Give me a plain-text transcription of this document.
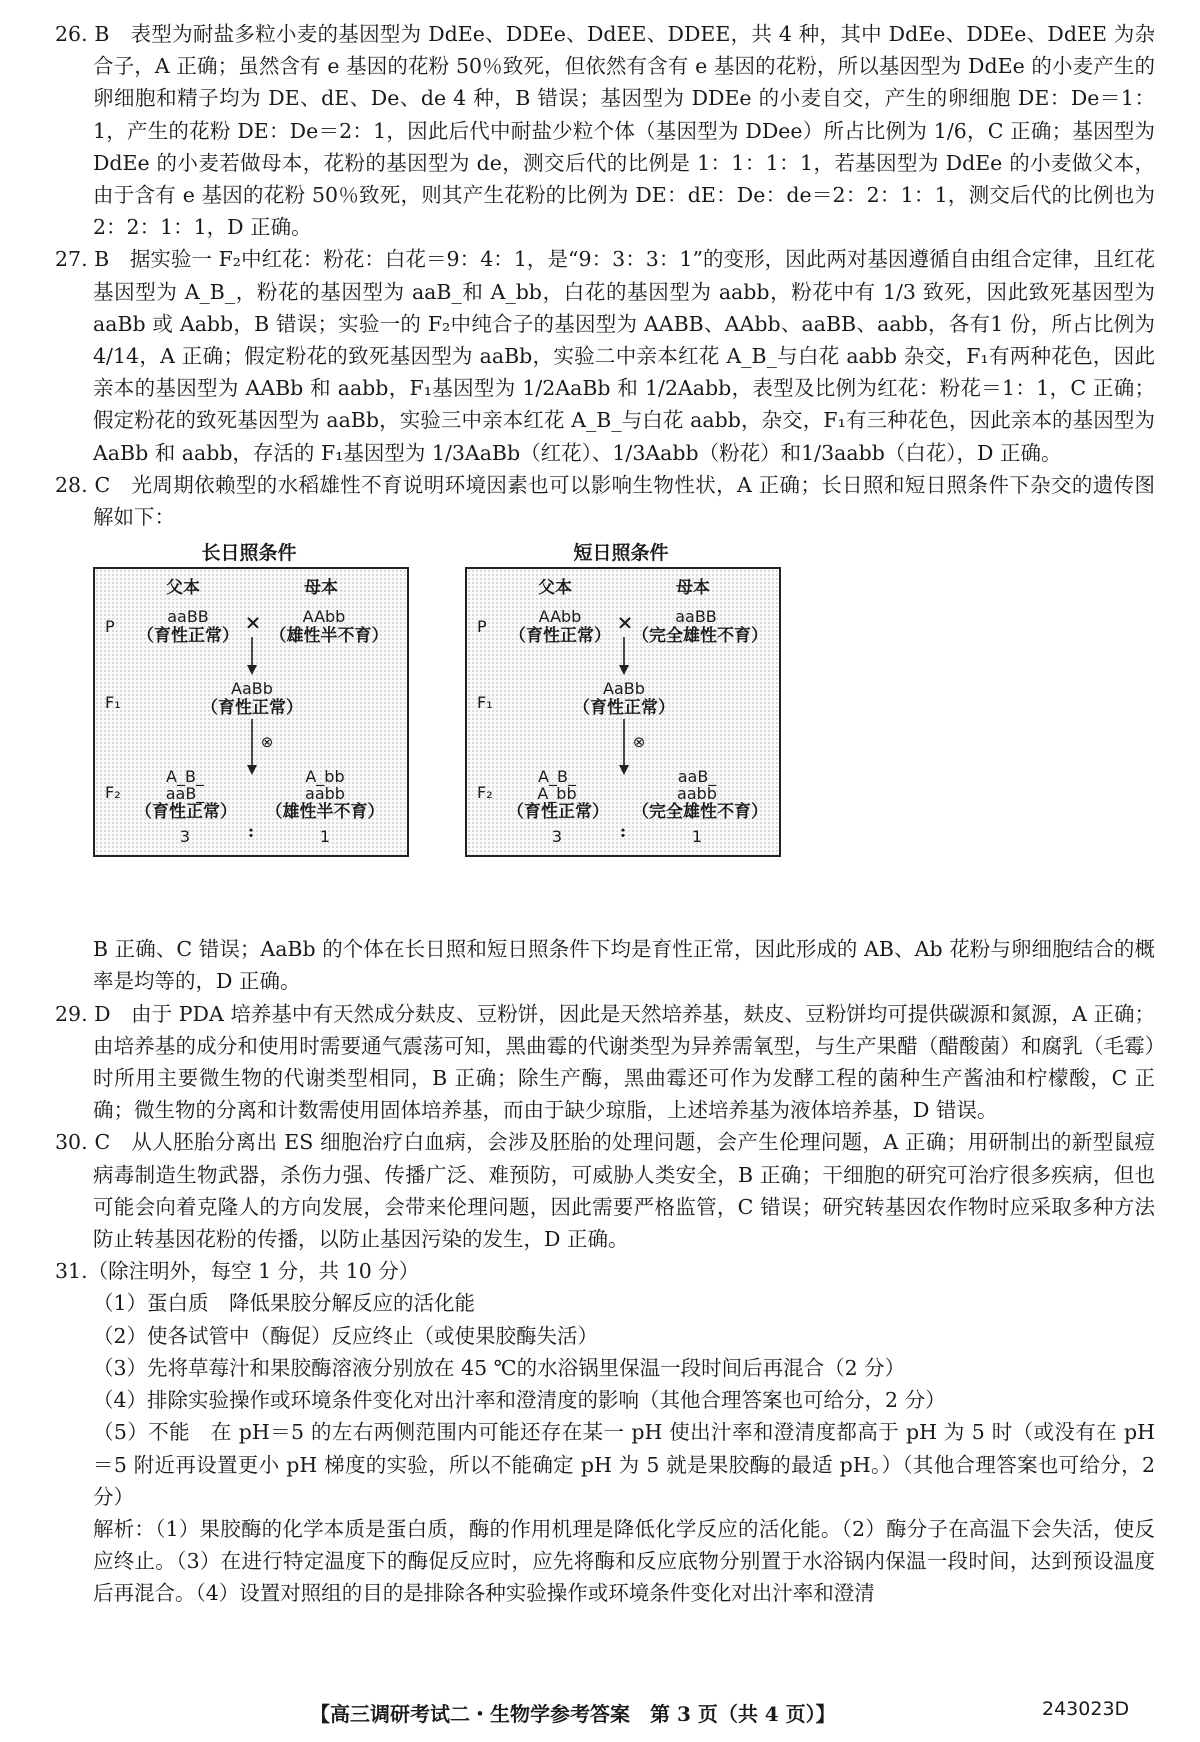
26. B　表型为耐盐多粒小麦的基因型为 DdEe、DDEe、DdEE、DDEE，共 4 种，其中 DdEe、DDEe、DdEE 为杂合子，A 正确；虽然含有 e 基因的花粉 50％致死，但依然有含有 e 基因的花粉，所以基因型为 DdEe 的小麦产生的卵细胞和精子均为 DE、dE、De、de 4 种，B 错误；基因型为 DDEe 的小麦自交，产生的卵细胞 DE：De＝1：1，产生的花粉 DE：De＝2：1，因此后代中耐盐少粒个体（基因型为 DDee）所占比例为 1/6，C 正确；基因型为 DdEe 的小麦若做母本，花粉的基因型为 de，测交后代的比例是 1：1：1：1，若基因型为 DdEe 的小麦做父本，由于含有 e 基因的花粉 50％致死，则其产生花粉的比例为 DE：dE：De：de＝2：2：1：1，测交后代的比例也为 2：2：1：1，D 正确。

27. B　据实验一 F₂中红花：粉花：白花＝9：4：1，是“9：3：3：1”的变形，因此两对基因遵循自由组合定律，且红花基因型为 A_B_，粉花的基因型为 aaB_和 A_bb，白花的基因型为 aabb，粉花中有 1/3 致死，因此致死基因型为 aaBb 或 Aabb，B 错误；实验一的 F₂中纯合子的基因型为 AABB、AAbb、aaBB、aabb，各有1 份，所占比例为 4/14，A 正确；假定粉花的致死基因型为 aaBb，实验二中亲本红花 A_B_与白花 aabb 杂交，F₁有两种花色，因此亲本的基因型为 AABb 和 aabb，F₁基因型为 1/2AaBb 和 1/2Aabb，表型及比例为红花：粉花＝1：1，C 正确；假定粉花的致死基因型为 aaBb，实验三中亲本红花 A_B_与白花 aabb，杂交，F₁有三种花色，因此亲本的基因型为 AaBb 和 aabb，存活的 F₁基因型为 1/3AaBb（红花）、1/3Aabb（粉花）和1/3aabb（白花），D 正确。

28. C　光周期依赖型的水稻雄性不育说明环境因素也可以影响生物性状，A 正确；长日照和短日照条件下杂交的遗传图解如下：

长日照条件
父本	母本
P
aaBB
（育性正常）
×	AAbb
（雄性半不育）
F₁
AaBb
（育性正常）
⊗
F₂
A_B_
aaB_
（育性正常）
3	:
A_bb
aabb
（雄性半不育）
1
短日照条件
父本	母本
P
AAbb
（育性正常）
×	aaBB
（完全雄性不育）
F₁
AaBb
（育性正常）
⊗
F₂
A_B_
A_bb
（育性正常）
3	:
aaB_
aabb
（完全雄性不育）
1

B 正确、C 错误；AaBb 的个体在长日照和短日照条件下均是育性正常，因此形成的 AB、Ab 花粉与卵细胞结合的概率是均等的，D 正确。

29. D　由于 PDA 培养基中有天然成分麸皮、豆粉饼，因此是天然培养基，麸皮、豆粉饼均可提供碳源和氮源，A 正确；由培养基的成分和使用时需要通气震荡可知，黑曲霉的代谢类型为异养需氧型，与生产果醋（醋酸菌）和腐乳（毛霉）时所用主要微生物的代谢类型相同，B 正确；除生产酶，黑曲霉还可作为发酵工程的菌种生产酱油和柠檬酸，C 正确；微生物的分离和计数需使用固体培养基，而由于缺少琼脂，上述培养基为液体培养基，D 错误。

30. C　从人胚胎分离出 ES 细胞治疗白血病，会涉及胚胎的处理问题，会产生伦理问题，A 正确；用研制出的新型鼠痘病毒制造生物武器，杀伤力强、传播广泛、难预防，可威胁人类安全，B 正确；干细胞的研究可治疗很多疾病，但也可能会向着克隆人的方向发展，会带来伦理问题，因此需要严格监管，C 错误；研究转基因农作物时应采取多种方法防止转基因花粉的传播，以防止基因污染的发生，D 正确。

31.（除注明外，每空 1 分，共 10 分）

（1）蛋白质　降低果胶分解反应的活化能

（2）使各试管中（酶促）反应终止（或使果胶酶失活）

（3）先将草莓汁和果胶酶溶液分别放在 45 ℃的水浴锅里保温一段时间后再混合（2 分）

（4）排除实验操作或环境条件变化对出汁率和澄清度的影响（其他合理答案也可给分，2 分）

（5）不能　在 pH＝5 的左右两侧范围内可能还存在某一 pH 使出汁率和澄清度都高于 pH 为 5 时（或没有在 pH＝5 附近再设置更小 pH 梯度的实验，所以不能确定 pH 为 5 就是果胶酶的最适 pH。）（其他合理答案也可给分，2 分）

解析：（1）果胶酶的化学本质是蛋白质，酶的作用机理是降低化学反应的活化能。（2）酶分子在高温下会失活，使反应终止。（3）在进行特定温度下的酶促反应时，应先将酶和反应底物分别置于水浴锅内保温一段时间，达到预设温度后再混合。（4）设置对照组的目的是排除各种实验操作或环境条件变化对出汁率和澄清

【高三调研考试二・生物学参考答案　第 3 页（共 4 页）】	243023D
